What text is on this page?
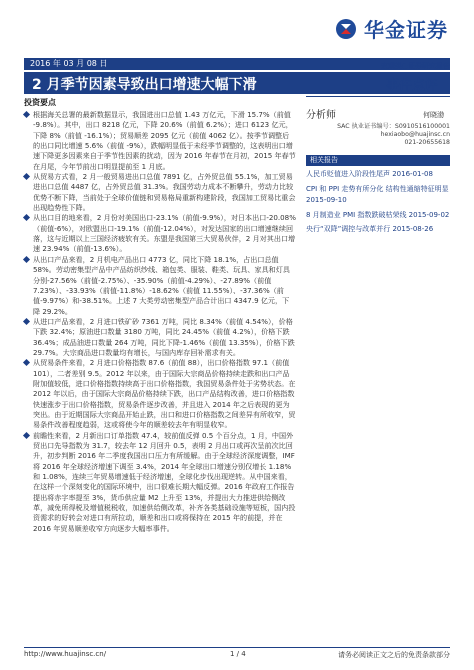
华金证券
2016 年 03 月 08 日	宏观类●证券研究报告
2 月季节因素导致出口增速大幅下滑	事件点评
投资要点

根据海关总署的最新数据显示，我国进出口总值 1.43 万亿元，下滑 15.7%（前值 -9.8%）。其中，出口 8218 亿元，下降 20.6%（前值 6.2%）；进口 6123 亿元，下降 8%（前值 -16.1%）；贸易顺差 2095 亿元（前值 4062 亿）。按季节调整后的出口同比增速 5.6%（前值 -9%），跌幅明显低于未经季节调整的，这表明出口增速下降更多因素来自于季节性因素的扰动，因为 2016 年春节在月初，2015 年春节在月尾，今年节前出口明显提前至 1 月底。

从贸易方式看，2 月一般贸易进出口总值 7891 亿，占外贸总值 55.1%，加工贸易进出口总值 4487 亿，占外贸总值 31.3%。我国劳动力成本不断攀升，劳动力比较优势不断下降，当前处于全球价值链和贸易格局重新构建阶段，我国加工贸易比重会出现趋势性下降。

从出口目的地来看，2 月份对美国出口-23.1%（前值-9.9%），对日本出口-20.08%（前值-6%），对欧盟出口-19.1%（前值-12.04%），对发达国家的出口增速继续回落，这与近期以上三国经济疲软有关。东盟是我国第三大贸易伙伴，2 月对其出口增速 23.94%（前值-13.6%）。

从出口产品来看，2 月机电产品出口 4773 亿，同比下降 18.1%，占出口总值 58%。劳动密集型产品中产品纺织纱线、箱包类、服装、鞋类、玩具、家具和灯具分别-27.56%（前值-2.75%）、-35.90%（前值-4.29%）、-27.89%（前值 7.23%）、-33.93%（前值-11.8%）-18.62%（前值 11.55%）、-37.36%（前值-9.97%）和-38.51%。上述 7 大类劳动密集型产品合计出口 4347.9 亿元，下降 29.2%。

从进口产品来看，2 月进口铁矿砂 7361 万吨，同比 8.34%（前值 4.54%），价格下跌 32.4%；原油进口数量 3180 万吨，同比 24.45%（前值 4.2%），价格下跌 36.4%；成品油进口数量 264 万吨，同比下降-1.46%（前值 13.35%），价格下跌 29.7%。大宗商品进口数量均有增长，与国内库存回补需求有关。

从贸易条件来看，2 月进口价格指数 87.6（前值 88），出口价格指数 97.1（前值 101），二者差别 9.5。2012 年以来，由于国际大宗商品价格持续走跌和出口产品附加值较低，进口价格指数持续高于出口价格指数，我国贸易条件处于劣势状态。在 2012 年以后，由于国际大宗商品价格持续下跌，出口产品结构改善，进口价格指数快速涨步于出口价格指数，贸易条件逐步改善，并且进入 2014 年之后表现的更为突出。由于近期国际大宗商品开始止跌，出口和进口价格指数之间差异有所收窄，贸易条件改善程度趋弱，这或将使今年的顺差较去年有明显收窄。

前瞻性来看，2 月新出口订单指数 47.4，较前值反弹 0.5 个百分点，1 月，中国外贸出口先导指数为 31.7，较去年 12 月回升 0.5，表明 2 月出口或再次呈前次比回升，初步判断 2016 年二季度我国出口压力有所缓解。由于全球经济深度调整，IMF 将 2016 年全球经济增速下调至 3.4%，2014 年全球出口增速分别仅增长 1.18% 和 1.08%，连续三年贸易增速低于经济增速，全球化步伐出现逆转。从中国来看，在这样一个深刻变化的国际环境中，出口很难长期大幅反弹。2016 年政府工作报告提出将赤字率提至 3%，货币供应量 M2 上升至 13%，并提出大力推进供给侧改革，减免所得税及增值税税收，加速供给侧改革，补齐各类基础设施等短板，国内投资需求的好转会对进口有所拉动，顺差和出口或将保持在 2015 年的前提，并在 2016 年贸易顺差收窄方向逐步大幅率事件。

分析师	何晓渤
SAC 执业证书编号：S0910516100001
hexiaobo@huajinsc.cn
021-20655618
相关报告
人民币贬值进入阶段性尾声 2016-01-08
CPI 和 PPI 走势有所分化 结构性通缩特征明显 2015-09-10
8 月制造业 PMI 指数跌破枯荣线 2015-09-02
央行“双降”调控与改革并行 2015-08-26
http://www.huajinsc.cn/	1 / 4	请务必阅读正文之后的免责条款部分
